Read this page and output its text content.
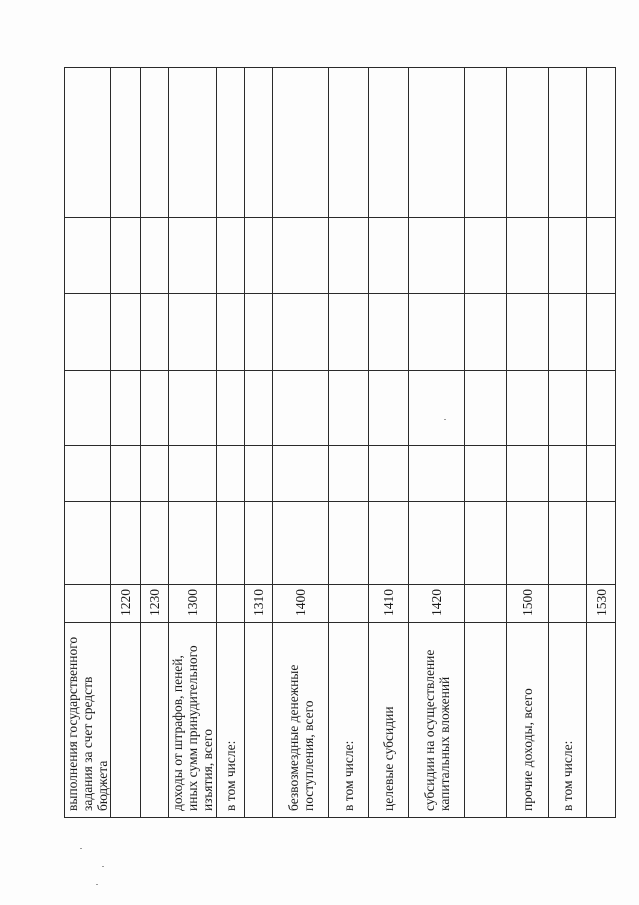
выполнения государственного задания за счет средств бюджета							
	1220						
	1230						
доходы от штрафов, пеней, иных сумм принудительного изъятия, всего	1300						
в том числе:							
	1310						
безвозмездные денежные поступления, всего	1400						
в том числе:							
целевые субсидии	1410						
субсидии на осуществление капитальных вложений	1420						

прочие доходы, всего	1500						
в том числе:							
	1530						
